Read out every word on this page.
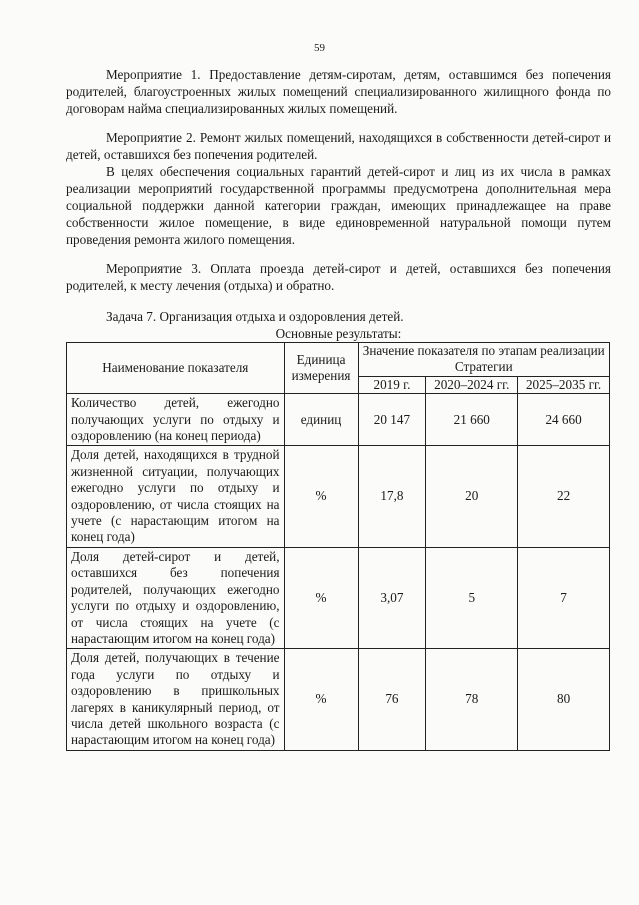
59

Мероприятие 1. Предоставление детям-сиротам, детям, оставшимся без попечения родителей, благоустроенных жилых помещений специализированного жилищного фонда по договорам найма специализированных жилых помещений.

Мероприятие 2. Ремонт жилых помещений, находящихся в собственности детей-сирот и детей, оставшихся без попечения родителей.

В целях обеспечения социальных гарантий детей-сирот и лиц из их числа в рамках реализации мероприятий государственной программы предусмотрена дополнительная мера социальной поддержки данной категории граждан, имеющих принадлежащее на праве собственности жилое помещение, в виде единовременной натуральной помощи путем проведения ремонта жилого помещения.

Мероприятие 3. Оплата проезда детей-сирот и детей, оставшихся без попечения родителей, к месту лечения (отдыха) и обратно.

Задача 7. Организация отдыха и оздоровления детей.

Основные результаты:

Наименование показателя	Единица измерения	Значение показателя по этапам реализации Стратегии		
		2019 г.	2020–2024 гг.	2025–2035 гг.
Количество детей, ежегодно получающих услуги по отдыху и оздоровлению (на конец периода)	единиц	20 147	21 660	24 660
Доля детей, находящихся в трудной жизненной ситуации, получающих ежегодно услуги по отдыху и оздоровлению, от числа стоящих на учете (с нарастающим итогом на конец года)	%	17,8	20	22
Доля детей-сирот и детей, оставшихся без попечения родителей, получающих ежегодно услуги по отдыху и оздоровлению, от числа стоящих на учете (с нарастающим итогом на конец года)	%	3,07	5	7
Доля детей, получающих в течение года услуги по отдыху и оздоровлению в пришкольных лагерях в каникулярный период, от числа детей школьного возраста (с нарастающим итогом на конец года)	%	76	78	80
